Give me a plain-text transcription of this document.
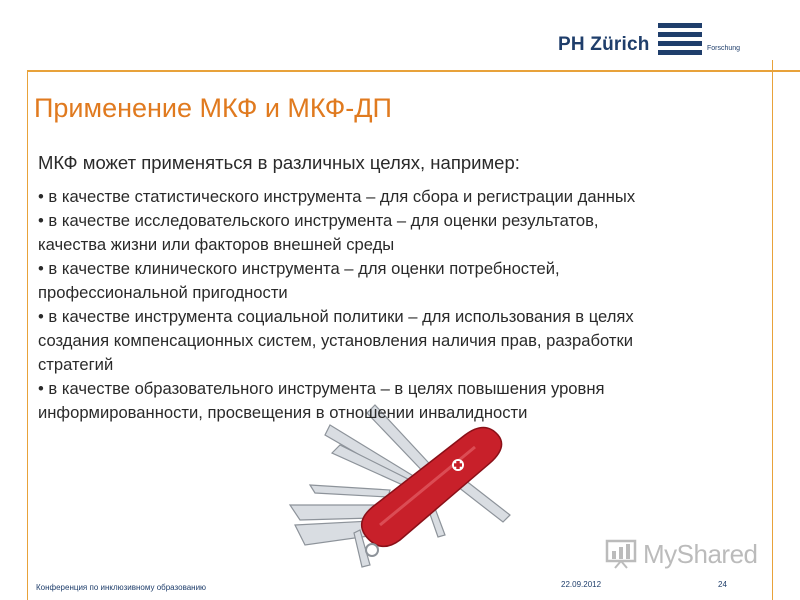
PH Zürich	Forschung
Применение МКФ и МКФ-ДП

МКФ может применяться в различных целях, например:

• в качестве статистического инструмента – для сбора и регистрации данных
• в качестве исследовательского инструмента – для оценки результатов,
качества жизни или факторов внешней среды
• в качестве клинического инструмента – для оценки потребностей,
профессиональной пригодности
• в качестве инструмента социальной политики – для использования в целях
создания компенсационных систем, установления наличия прав, разработки
стратегий
• в качестве образовательного инструмента – в целях повышения уровня
информированности, просвещения в отношении инвалидности
MyShared
Конференция по инклюзивному образованию	22.09.2012	24
